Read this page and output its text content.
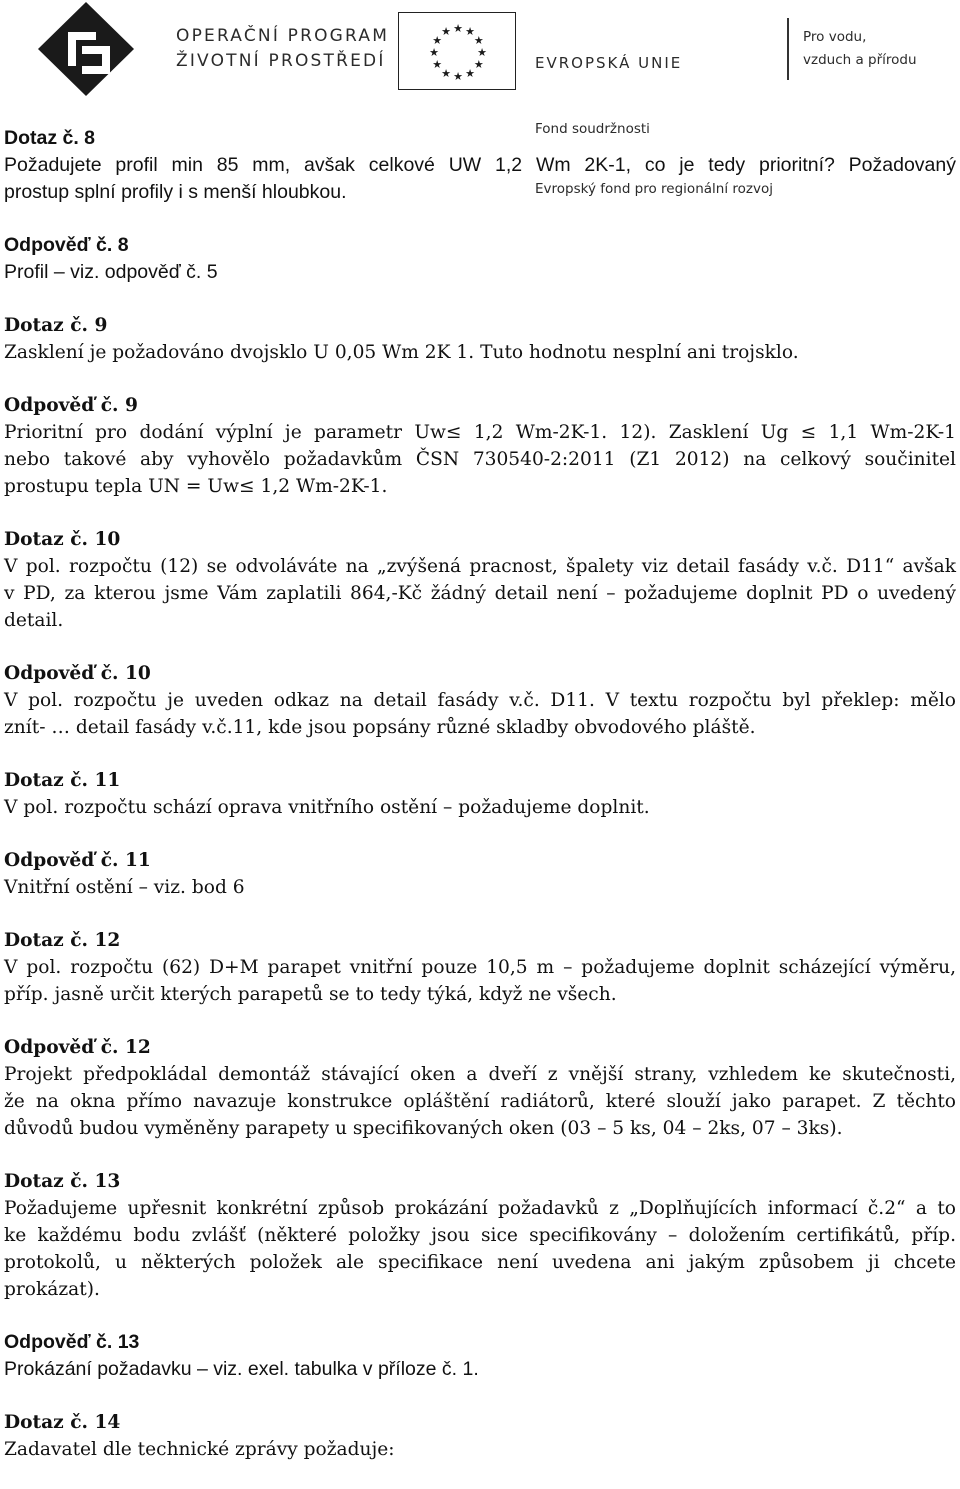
OPERAČNÍ PROGRAM
ŽIVOTNÍ PROSTŘEDÍ
★ ★
★
★
★
★
★
★
★
★
★
★

EVROPSKÁ UNIE

Fond soudržnosti

Evropský fond pro regionální rozvoj

Pro vodu,
vzduch a přírodu
Dotaz č. 8

Požadujete profil min 85 mm, avšak celkové UW 1,2 Wm 2K-1, co je tedy prioritní? Požadovaný

prostup splní profily i s menší hloubkou.

Odpověď č. 8

Profil – viz. odpověď č. 5

Dotaz č. 9

Zasklení je požadováno dvojsklo U 0,05 Wm 2K 1. Tuto hodnotu nesplní ani trojsklo.

Odpověď č. 9

Prioritní pro dodání výplní je parametr Uw≤ 1,2 Wm-2K-1. 12). Zasklení Ug ≤ 1,1 Wm-2K-1

nebo takové aby vyhovělo požadavkům ČSN 730540-2:2011 (Z1 2012) na celkový součinitel

prostupu tepla UN = Uw≤ 1,2 Wm-2K-1.

Dotaz č. 10

V pol. rozpočtu (12) se odvoláváte na „zvýšená pracnost, špalety viz detail fasády v.č. D11“ avšak

v PD, za kterou jsme Vám zaplatili 864,-Kč žádný detail není – požadujeme doplnit PD o uvedený

detail.

Odpověď č. 10

V pol. rozpočtu je uveden odkaz na detail fasády v.č. D11. V textu rozpočtu byl překlep: mělo

znít- … detail fasády v.č.11, kde jsou popsány různé skladby obvodového pláště.

Dotaz č. 11

V pol. rozpočtu schází oprava vnitřního ostění – požadujeme doplnit.

Odpověď č. 11

Vnitřní ostění – viz. bod 6

Dotaz č. 12

V pol. rozpočtu (62) D+M parapet vnitřní pouze 10,5 m – požadujeme doplnit scházející výměru,

příp. jasně určit kterých parapetů se to tedy týká, když ne všech.

Odpověď č. 12

Projekt předpokládal demontáž stávající oken a dveří z vnější strany, vzhledem ke skutečnosti,

že na okna přímo navazuje konstrukce opláštění radiátorů, které slouží jako parapet. Z těchto

důvodů budou vyměněny parapety u specifikovaných oken (03 – 5 ks, 04 – 2ks, 07 – 3ks).

Dotaz č. 13

Požadujeme upřesnit konkrétní způsob prokázání požadavků z „Doplňujících informací č.2“ a to

ke každému bodu zvlášť (některé položky jsou sice specifikovány – doložením certifikátů, příp.

protokolů, u některých položek ale specifikace není uvedena ani jakým způsobem ji chcete

prokázat).

Odpověď č. 13

Prokázání požadavku – viz. exel. tabulka v příloze č. 1.

Dotaz č. 14

Zadavatel dle technické zprávy požaduje:
